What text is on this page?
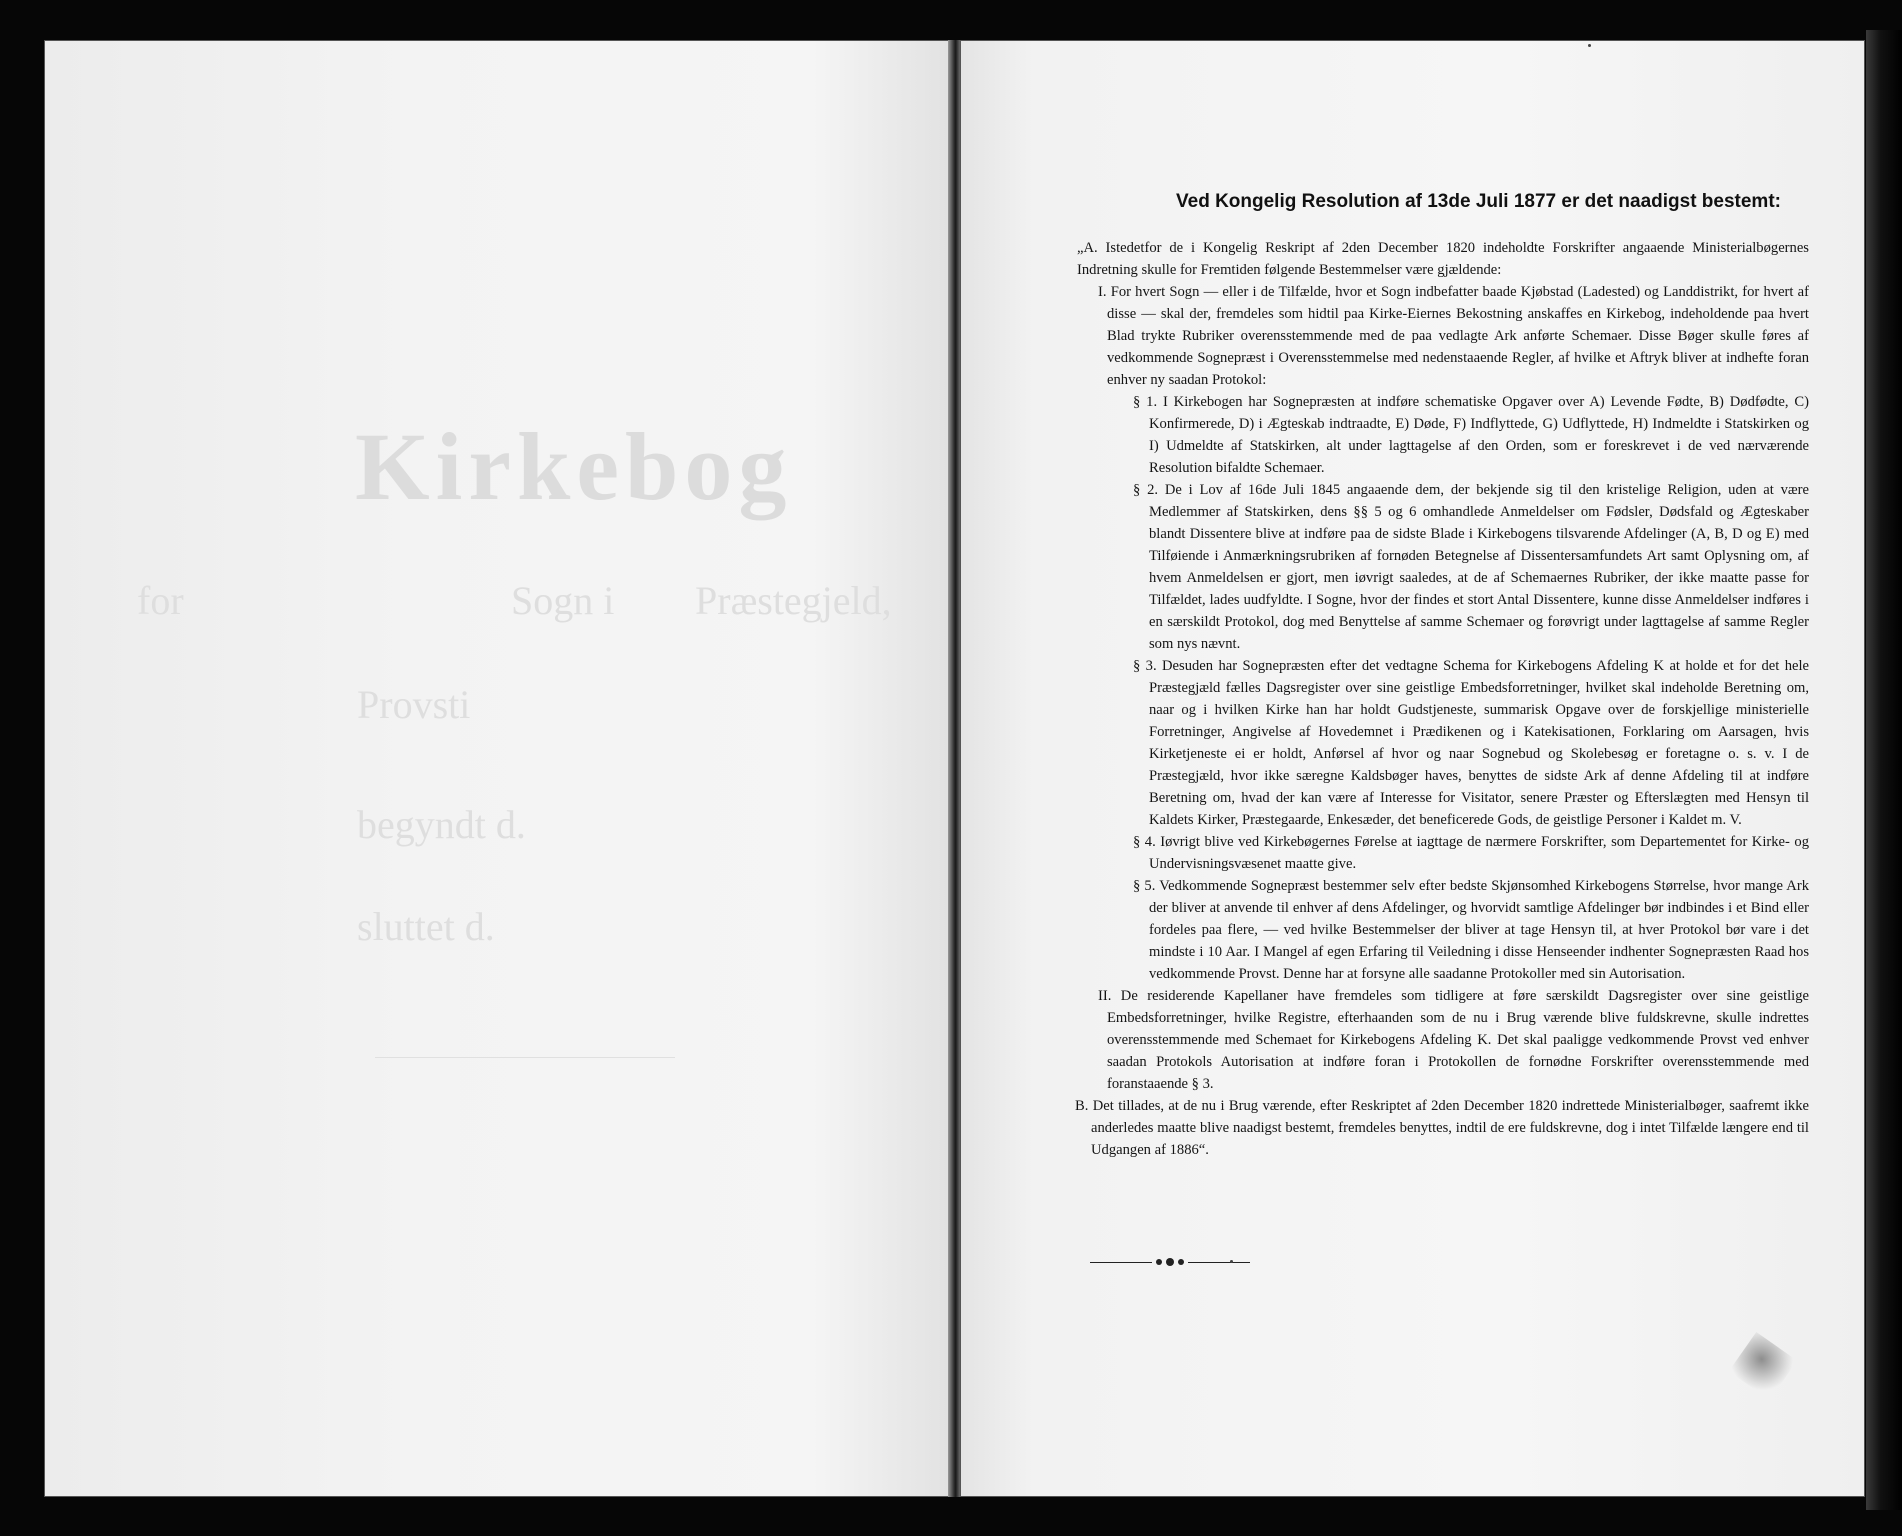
Kirkebog
for	Sogn i Præstegjeld,
Provsti
begyndt d.
sluttet d.
Ved Kongelig Resolution af 13de Juli 1877 er det naadigst bestemt:

„A. Istedetfor de i Kongelig Reskript af 2den December 1820 indeholdte Forskrifter angaaende Ministerialbøgernes Indretning skulle for Fremtiden følgende Bestemmelser være gjældende:

I. For hvert Sogn — eller i de Tilfælde, hvor et Sogn indbefatter baade Kjøbstad (Ladested) og Landdistrikt, for hvert af disse — skal der, fremdeles som hidtil paa Kirke-Eiernes Bekostning anskaffes en Kirkebog, indeholdende paa hvert Blad trykte Rubriker overensstemmende med de paa vedlagte Ark anførte Schemaer. Disse Bøger skulle føres af vedkommende Sognepræst i Overensstemmelse med nedenstaaende Regler, af hvilke et Aftryk bliver at indhefte foran enhver ny saadan Protokol:

§ 1. I Kirkebogen har Sognepræsten at indføre schematiske Opgaver over A) Levende Fødte, B) Dødfødte, C) Konfirmerede, D) i Ægteskab indtraadte, E) Døde, F) Indflyttede, G) Udflyttede, H) Indmeldte i Statskirken og I) Udmeldte af Statskirken, alt under lagttagelse af den Orden, som er foreskrevet i de ved nærværende Resolution bifaldte Schemaer.

§ 2. De i Lov af 16de Juli 1845 angaaende dem, der bekjende sig til den kristelige Religion, uden at være Medlemmer af Statskirken, dens §§ 5 og 6 omhandlede Anmeldelser om Fødsler, Dødsfald og Ægteskaber blandt Dissentere blive at indføre paa de sidste Blade i Kirkebogens tilsvarende Afdelinger (A, B, D og E) med Tilføiende i Anmærkningsrubriken af fornøden Betegnelse af Dissentersamfundets Art samt Oplysning om, af hvem Anmeldelsen er gjort, men iøvrigt saaledes, at de af Schemaernes Rubriker, der ikke maatte passe for Tilfældet, lades uudfyldte. I Sogne, hvor der findes et stort Antal Dissentere, kunne disse Anmeldelser indføres i en særskildt Protokol, dog med Benyttelse af samme Schemaer og forøvrigt under lagttagelse af samme Regler som nys nævnt.

§ 3. Desuden har Sognepræsten efter det vedtagne Schema for Kirkebogens Afdeling K at holde et for det hele Præstegjæld fælles Dagsregister over sine geistlige Embedsforretninger, hvilket skal indeholde Beretning om, naar og i hvilken Kirke han har holdt Gudstjeneste, summarisk Opgave over de forskjellige ministerielle Forretninger, Angivelse af Hovedemnet i Prædikenen og i Katekisationen, Forklaring om Aarsagen, hvis Kirketjeneste ei er holdt, Anførsel af hvor og naar Sognebud og Skolebesøg er foretagne o. s. v. I de Præstegjæld, hvor ikke særegne Kaldsbøger haves, benyttes de sidste Ark af denne Afdeling til at indføre Beretning om, hvad der kan være af Interesse for Visitator, senere Præster og Efterslægten med Hensyn til Kaldets Kirker, Præstegaarde, Enkesæder, det beneficerede Gods, de geistlige Personer i Kaldet m. V.

§ 4. Iøvrigt blive ved Kirkebøgernes Førelse at iagttage de nærmere Forskrifter, som Departementet for Kirke- og Undervisningsvæsenet maatte give.

§ 5. Vedkommende Sognepræst bestemmer selv efter bedste Skjønsomhed Kirkebogens Størrelse, hvor mange Ark der bliver at anvende til enhver af dens Afdelinger, og hvorvidt samtlige Afdelinger bør indbindes i et Bind eller fordeles paa flere, — ved hvilke Bestemmelser der bliver at tage Hensyn til, at hver Protokol bør vare i det mindste i 10 Aar. I Mangel af egen Erfaring til Veiledning i disse Henseender indhenter Sognepræsten Raad hos vedkommende Provst. Denne har at forsyne alle saadanne Protokoller med sin Autorisation.

II. De residerende Kapellaner have fremdeles som tidligere at føre særskildt Dagsregister over sine geistlige Embedsforretninger, hvilke Registre, efterhaanden som de nu i Brug værende blive fuldskrevne, skulle indrettes overensstemmende med Schemaet for Kirkebogens Afdeling K. Det skal paaligge vedkommende Provst ved enhver saadan Protokols Autorisation at indføre foran i Protokollen de fornødne Forskrifter overensstemmende med foranstaaende § 3.

B. Det tillades, at de nu i Brug værende, efter Reskriptet af 2den December 1820 indrettede Ministerialbøger, saafremt ikke anderledes maatte blive naadigst bestemt, fremdeles benyttes, indtil de ere fuldskrevne, dog i intet Tilfælde længere end til Udgangen af 1886“.
